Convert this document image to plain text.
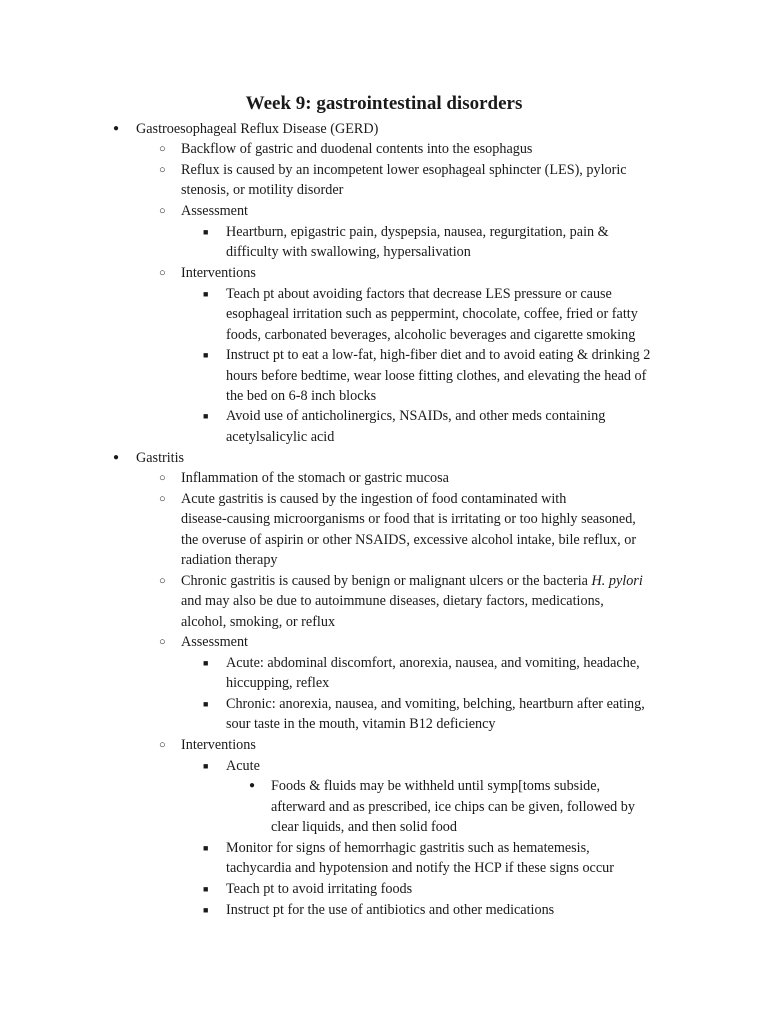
Week 9: gastrointestinal disorders
● Gastroesophageal Reflux Disease (GERD)
○ Backflow of gastric and duodenal contents into the esophagus
○ Reflux is caused by an incompetent lower esophageal sphincter (LES), pyloric
stenosis, or motility disorder
○ Assessment
■ Heartburn, epigastric pain, dyspepsia, nausea, regurgitation, pain &
difficulty with swallowing, hypersalivation
○ Interventions
■ Teach pt about avoiding factors that decrease LES pressure or cause
esophageal irritation such as peppermint, chocolate, coffee, fried or fatty
foods, carbonated beverages, alcoholic beverages and cigarette smoking
■ Instruct pt to eat a low-fat, high-fiber diet and to avoid eating & drinking 2
hours before bedtime, wear loose fitting clothes, and elevating the head of
the bed on 6-8 inch blocks
■ Avoid use of anticholinergics, NSAIDs, and other meds containing
acetylsalicylic acid
● Gastritis
○ Inflammation of the stomach or gastric mucosa
○ Acute gastritis is caused by the ingestion of food contaminated with
disease-causing microorganisms or food that is irritating or too highly seasoned,
the overuse of aspirin or other NSAIDS, excessive alcohol intake, bile reflux, or
radiation therapy
○ Chronic gastritis is caused by benign or malignant ulcers or the bacteria H. pylori
and may also be due to autoimmune diseases, dietary factors, medications,
alcohol, smoking, or reflux
○ Assessment
■ Acute: abdominal discomfort, anorexia, nausea, and vomiting, headache,
hiccupping, reflex
■ Chronic: anorexia, nausea, and vomiting, belching, heartburn after eating,
sour taste in the mouth, vitamin B12 deficiency
○ Interventions
■ Acute
● Foods & fluids may be withheld until symp[toms subside,
afterward and as prescribed, ice chips can be given, followed by
clear liquids, and then solid food
■ Monitor for signs of hemorrhagic gastritis such as hematemesis,
tachycardia and hypotension and notify the HCP if these signs occur
■ Teach pt to avoid irritating foods
■ Instruct pt for the use of antibiotics and other medications
